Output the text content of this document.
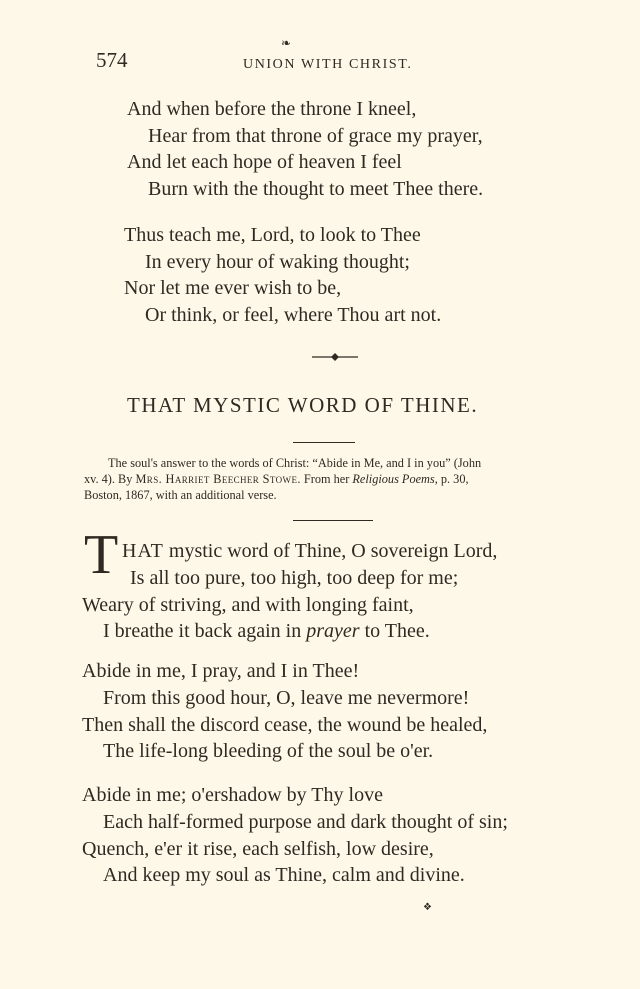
574
❧
UNION WITH CHRIST.
And when before the throne I kneel,
Hear from that throne of grace my prayer,
And let each hope of heaven I feel
Burn with the thought to meet Thee there.
Thus teach me, Lord, to look to Thee
In every hour of waking thought;
Nor let me ever wish to be,
Or think, or feel, where Thou art not.
THAT MYSTIC WORD OF THINE.
The soul's answer to the words of Christ: “Abide in Me, and I in you” (John
xv. 4). By Mrs. Harriet Beecher Stowe. From her Religious Poems, p. 30,
Boston, 1867, with an additional verse.
T HAT mystic word of Thine, O sovereign Lord,
Is all too pure, too high, too deep for me;
Weary of striving, and with longing faint,
I breathe it back again in prayer to Thee.
Abide in me, I pray, and I in Thee!
From this good hour, O, leave me nevermore!
Then shall the discord cease, the wound be healed,
The life-long bleeding of the soul be o'er.
Abide in me; o'ershadow by Thy love
Each half-formed purpose and dark thought of sin;
Quench, e'er it rise, each selfish, low desire,
And keep my soul as Thine, calm and divine.
❖
